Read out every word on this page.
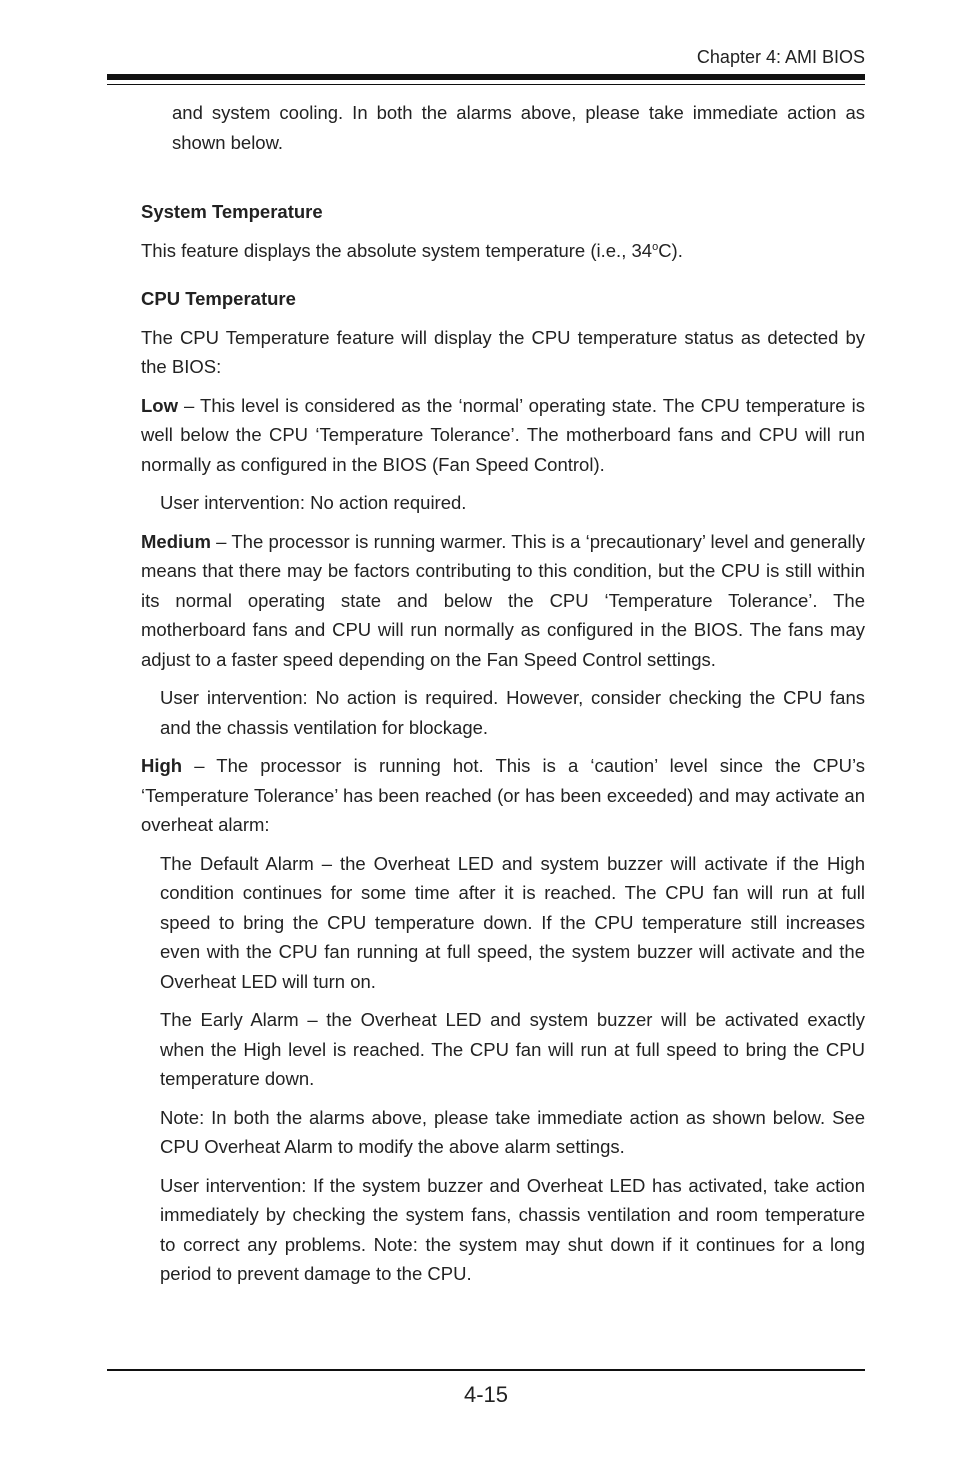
Chapter 4: AMI BIOS

and system cooling. In both the alarms above, please take immediate action as shown below.

System Temperature

This feature displays the absolute system temperature (i.e., 34$^o$C).

CPU Temperature

The CPU Temperature feature will display the CPU temperature status as detected by the BIOS:

Low – This level is considered as the ‘normal’ operating state. The CPU temperature is well below the CPU ‘Temperature Tolerance’. The motherboard fans and CPU will run normally as configured in the BIOS (Fan Speed Control).

User intervention: No action required.

Medium – The processor is running warmer. This is a ‘precautionary’ level and generally means that there may be factors contributing to this condition, but the CPU is still within its normal operating state and below the CPU ‘Temperature Tolerance’. The motherboard fans and CPU will run normally as configured in the BIOS. The fans may adjust to a faster speed depending on the Fan Speed Control settings.

User intervention: No action is required. However, consider checking the CPU fans and the chassis ventilation for blockage.

High – The processor is running hot. This is a ‘caution’ level since the CPU’s ‘Temperature Tolerance’ has been reached (or has been exceeded) and may activate an overheat alarm:

The Default Alarm – the Overheat LED and system buzzer will activate if the High condition continues for some time after it is reached. The CPU fan will run at full speed to bring the CPU temperature down. If the CPU temperature still increases even with the CPU fan running at full speed, the system buzzer will activate and the Overheat LED will turn on.

The Early Alarm – the Overheat LED and system buzzer will be activated exactly when the High level is reached. The CPU fan will run at full speed to bring the CPU temperature down.

Note: In both the alarms above, please take immediate action as shown below. See CPU Overheat Alarm to modify the above alarm settings.

User intervention: If the system buzzer and Overheat LED has activated, take action immediately by checking the system fans, chassis ventilation and room temperature to correct any problems. Note: the system may shut down if it continues for a long period to prevent damage to the CPU.

4-15
